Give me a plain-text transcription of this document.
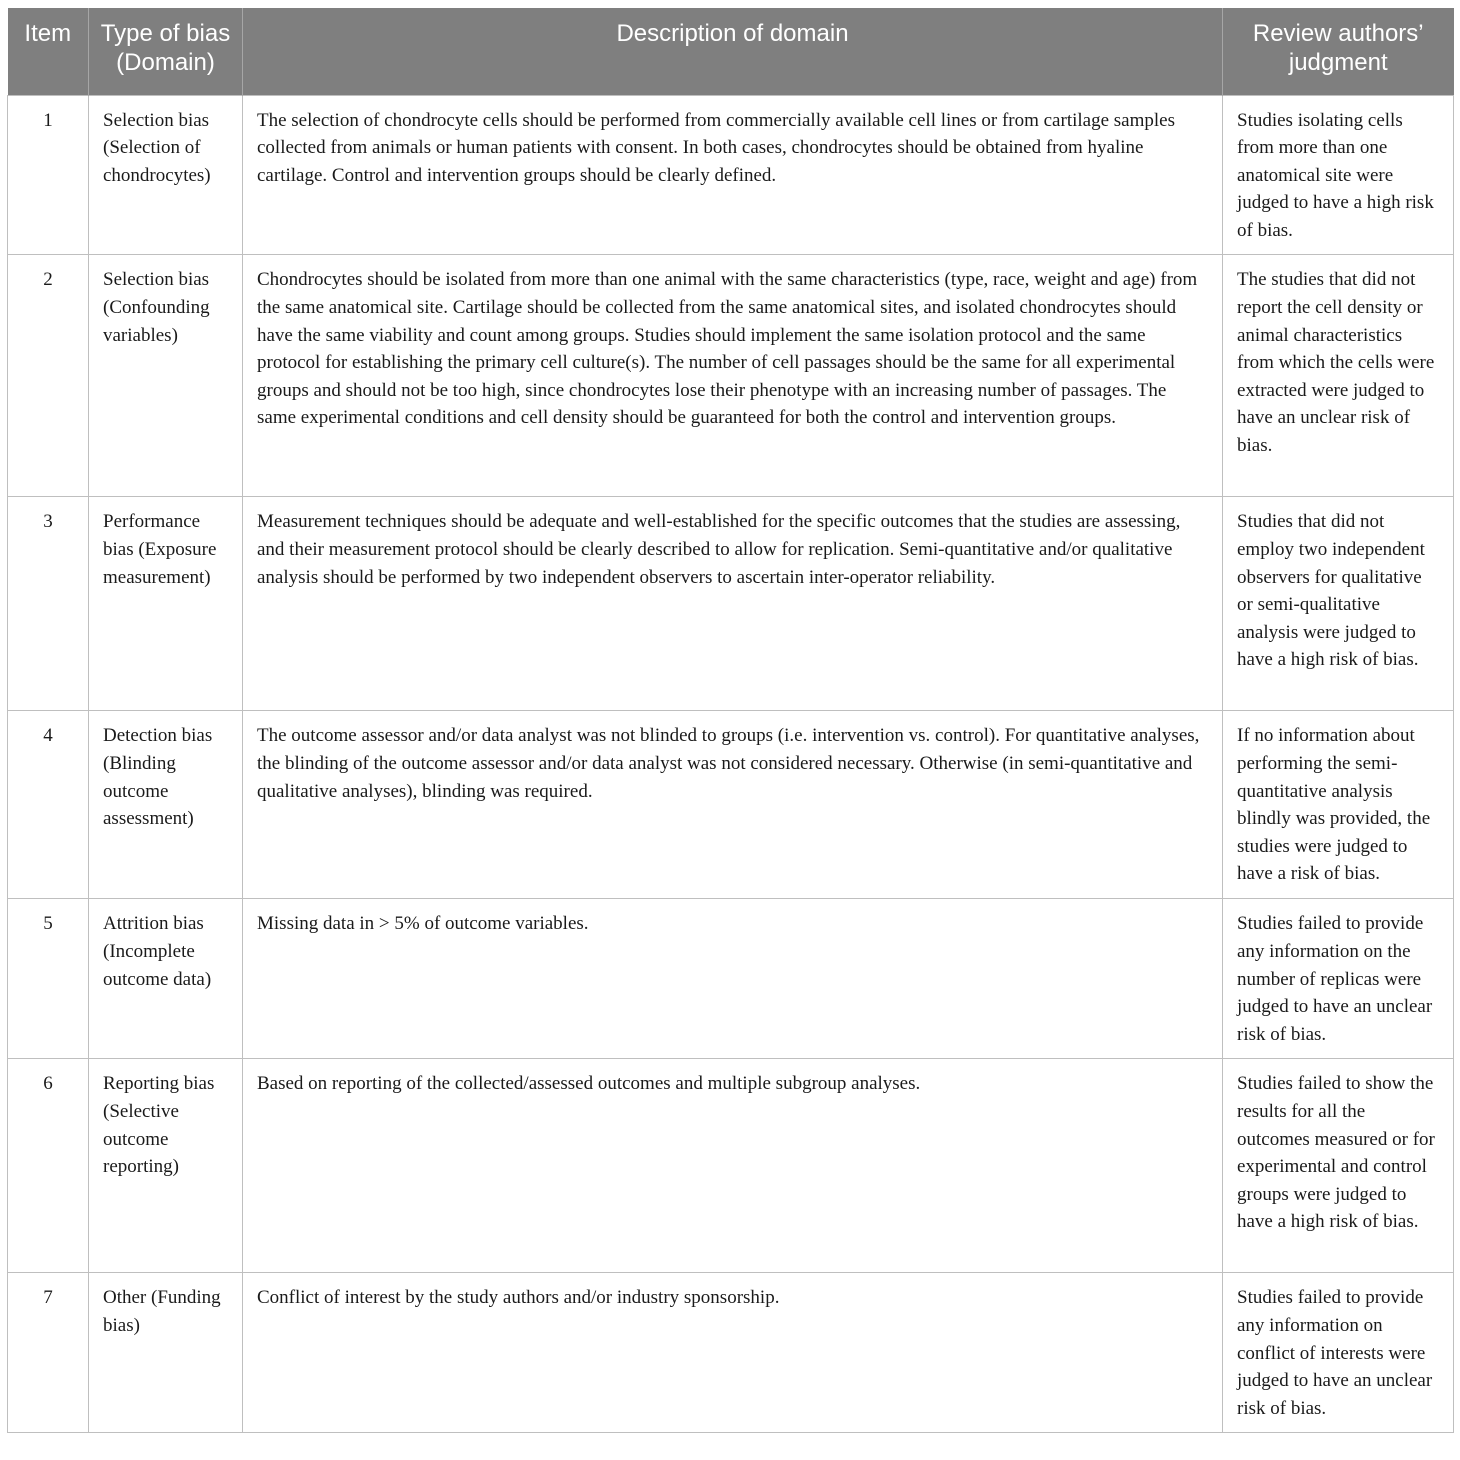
Item	Type of bias (Domain)	Description of domain	Review authors’ judgment
1	Selection bias (Selection of chondrocytes)	The selection of chondrocyte cells should be performed from commercially available cell lines or from cartilage samples collected from animals or human patients with consent. In both cases, chondrocytes should be obtained from hyaline cartilage. Control and intervention groups should be clearly defined.	Studies isolating cells from more than one anatomical site were judged to have a high risk of bias.
2	Selection bias (Confounding variables)	Chondrocytes should be isolated from more than one animal with the same characteristics (type, race, weight and age) from the same anatomical site. Cartilage should be collected from the same anatomical sites, and isolated chondrocytes should have the same viability and count among groups. Studies should implement the same isolation protocol and the same protocol for establishing the primary cell culture(s). The number of cell passages should be the same for all experimental groups and should not be too high, since chondrocytes lose their phenotype with an increasing number of passages. The same experimental conditions and cell density should be guaranteed for both the control and intervention groups.	The studies that did not report the cell density or animal characteristics from which the cells were extracted were judged to have an unclear risk of bias.
3	Performance bias (Exposure measurement)	Measurement techniques should be adequate and well-established for the specific outcomes that the studies are assessing, and their measurement protocol should be clearly described to allow for replication. Semi-quantitative and/or qualitative analysis should be performed by two independent observers to ascertain inter-operator reliability.	Studies that did not employ two independent observers for qualitative or semi-qualitative analysis were judged to have a high risk of bias.
4	Detection bias (Blinding outcome assessment)	The outcome assessor and/or data analyst was not blinded to groups (i.e. intervention vs. control). For quantitative analyses, the blinding of the outcome assessor and/or data analyst was not considered necessary. Otherwise (in semi-quantitative and qualitative analyses), blinding was required.	If no information about performing the semi-quantitative analysis blindly was provided, the studies were judged to have a risk of bias.
5	Attrition bias (Incomplete outcome data)	Missing data in > 5% of outcome variables.	Studies failed to provide any information on the number of replicas were judged to have an unclear risk of bias.
6	Reporting bias (Selective outcome reporting)	Based on reporting of the collected/assessed outcomes and multiple subgroup analyses.	Studies failed to show the results for all the outcomes measured or for experimental and control groups were judged to have a high risk of bias.
7	Other (Funding bias)	Conflict of interest by the study authors and/or industry sponsorship.	Studies failed to provide any information on conflict of interests were judged to have an unclear risk of bias.
